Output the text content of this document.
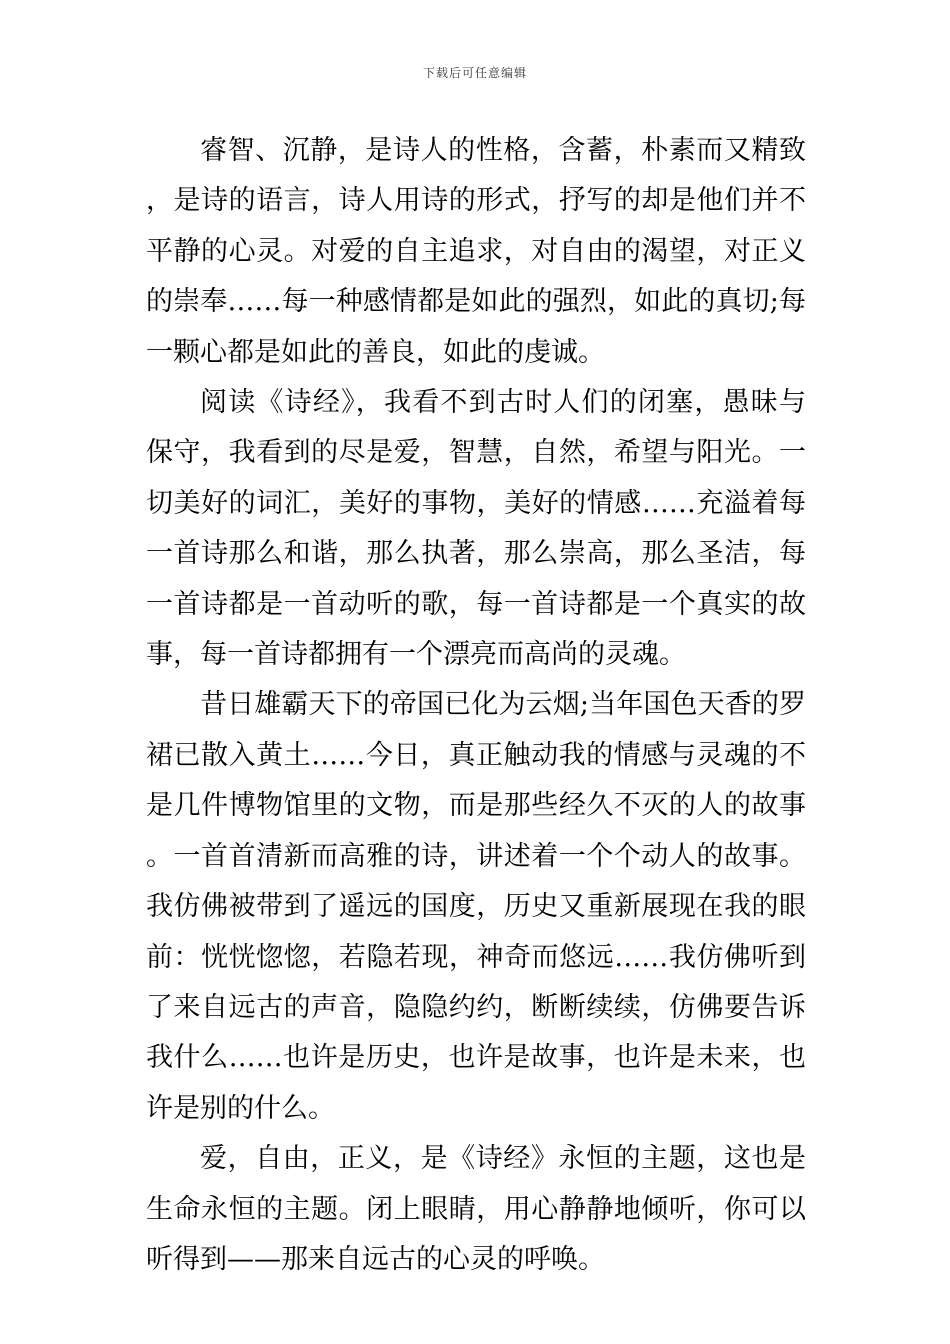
下载后可任意编辑

睿智、沉静，是诗人的性格，含蓄，朴素而又精致，是诗的语言，诗人用诗的形式，抒写的却是他们并不平静的心灵。对爱的自主追求，对自由的渴望，对正义的崇奉……每一种感情都是如此的强烈，如此的真切;每一颗心都是如此的善良，如此的虔诚。

阅读《诗经》，我看不到古时人们的闭塞，愚昧与保守，我看到的尽是爱，智慧，自然，希望与阳光。一切美好的词汇，美好的事物，美好的情感……充溢着每一首诗那么和谐，那么执著，那么崇高，那么圣洁，每一首诗都是一首动听的歌，每一首诗都是一个真实的故事，每一首诗都拥有一个漂亮而高尚的灵魂。

昔日雄霸天下的帝国已化为云烟;当年国色天香的罗裙已散入黄土……今日，真正触动我的情感与灵魂的不是几件博物馆里的文物，而是那些经久不灭的人的故事。一首首清新而高雅的诗，讲述着一个个动人的故事。我仿佛被带到了遥远的国度，历史又重新展现在我的眼前：恍恍惚惚，若隐若现，神奇而悠远……我仿佛听到了来自远古的声音，隐隐约约，断断续续，仿佛要告诉我什么……也许是历史，也许是故事，也许是未来，也许是别的什么。

爱，自由，正义，是《诗经》永恒的主题，这也是生命永恒的主题。闭上眼睛，用心静静地倾听，你可以听得到——那来自远古的心灵的呼唤。
